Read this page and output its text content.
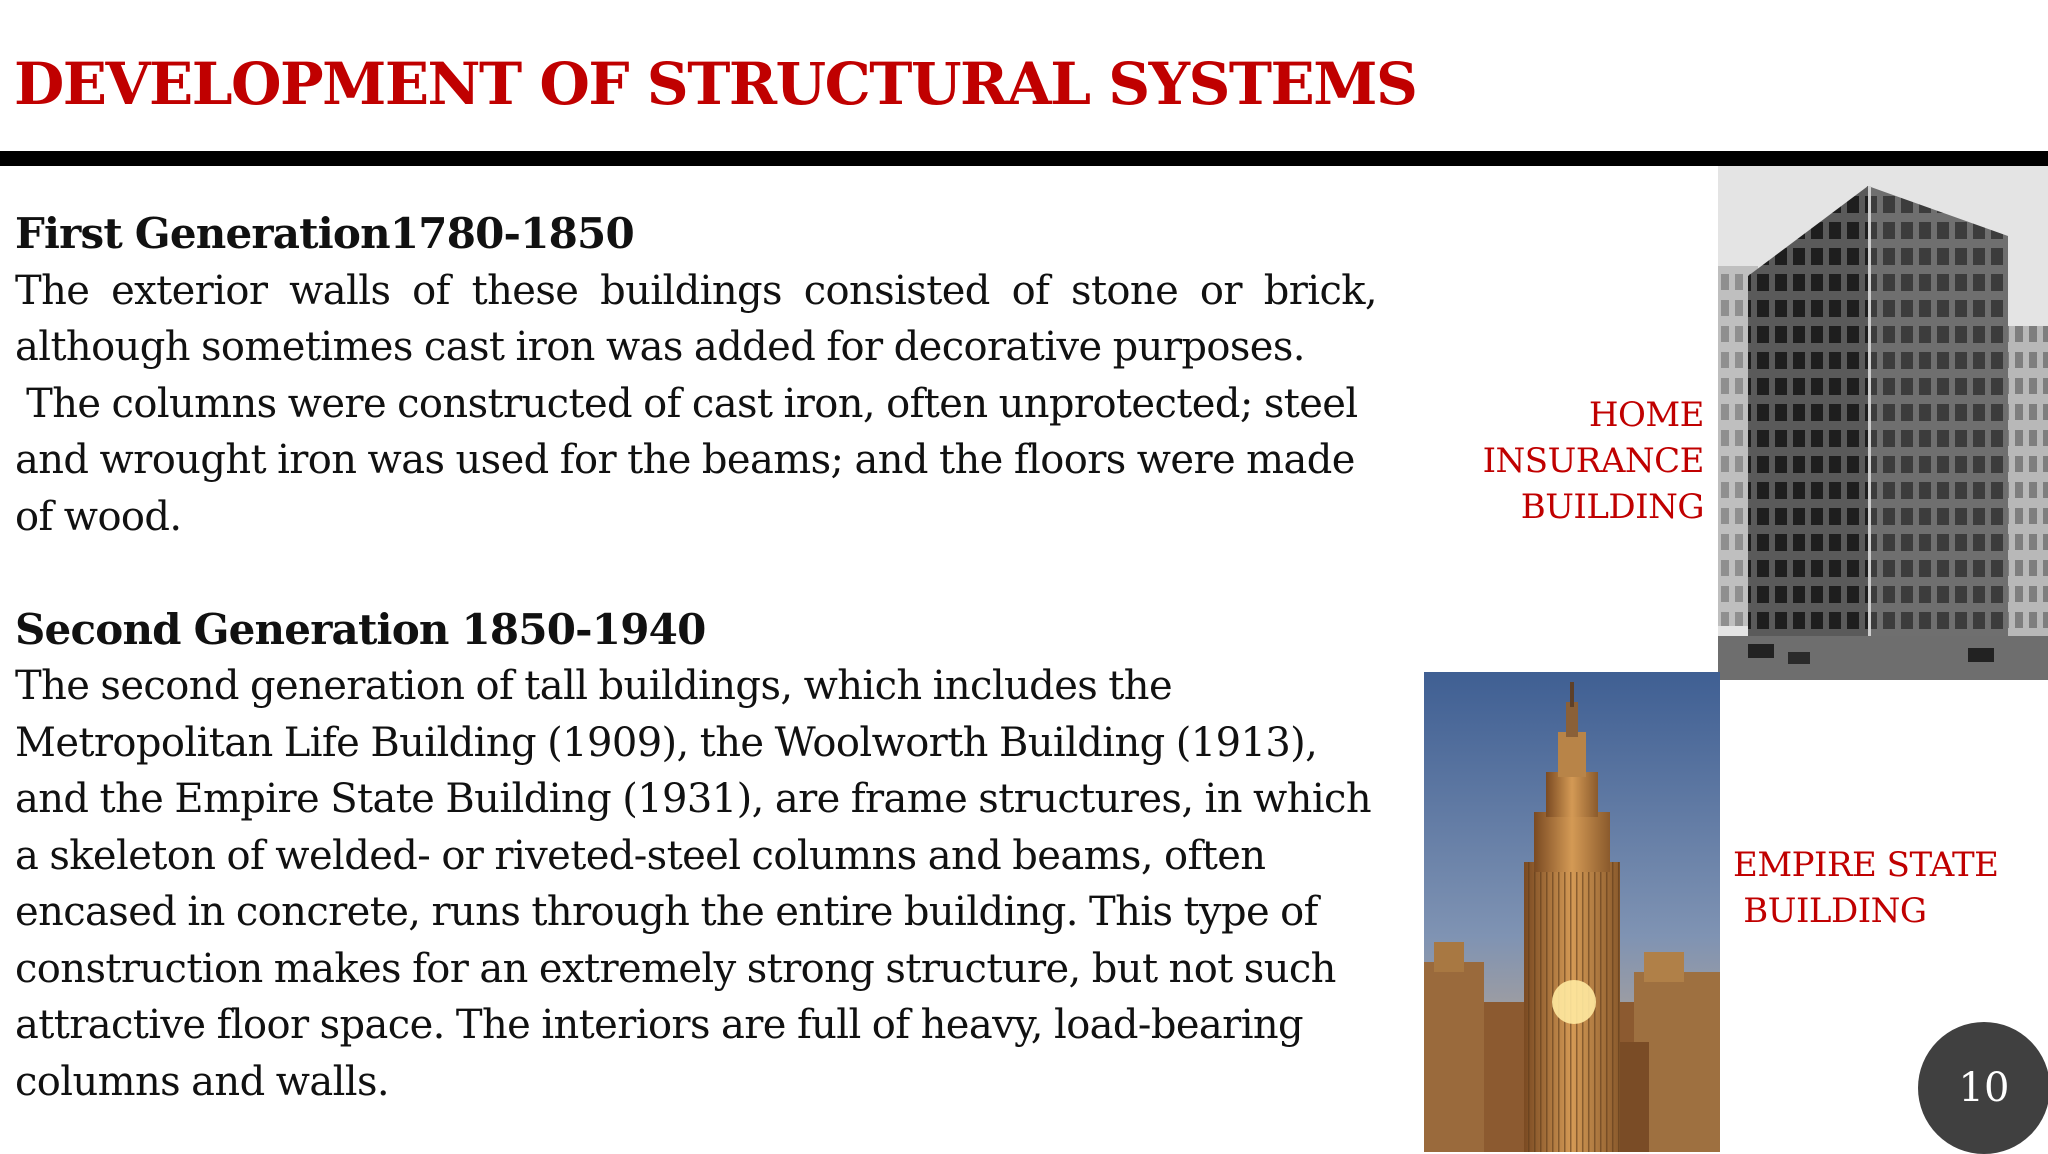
DEVELOPMENT OF STRUCTURAL SYSTEMS
First Generation1780-1850

The exterior walls of these buildings consisted of stone or brick, although sometimes cast iron was added for decorative purposes.

The columns were constructed of cast iron, often unprotected; steel and wrought iron was used for the beams; and the floors were made of wood.

Second Generation 1850-1940

The second generation of tall buildings, which includes the Metropolitan Life Building (1909), the Woolworth Building (1913), and the Empire State Building (1931), are frame structures, in which a skeleton of welded- or riveted-steel columns and beams, often encased in concrete, runs through the entire building. This type of construction makes for an extremely strong structure, but not such attractive floor space. The interiors are full of heavy, load-bearing columns and walls.

HOME
INSURANCE
BUILDING
EMPIRE STATE
BUILDING
10
